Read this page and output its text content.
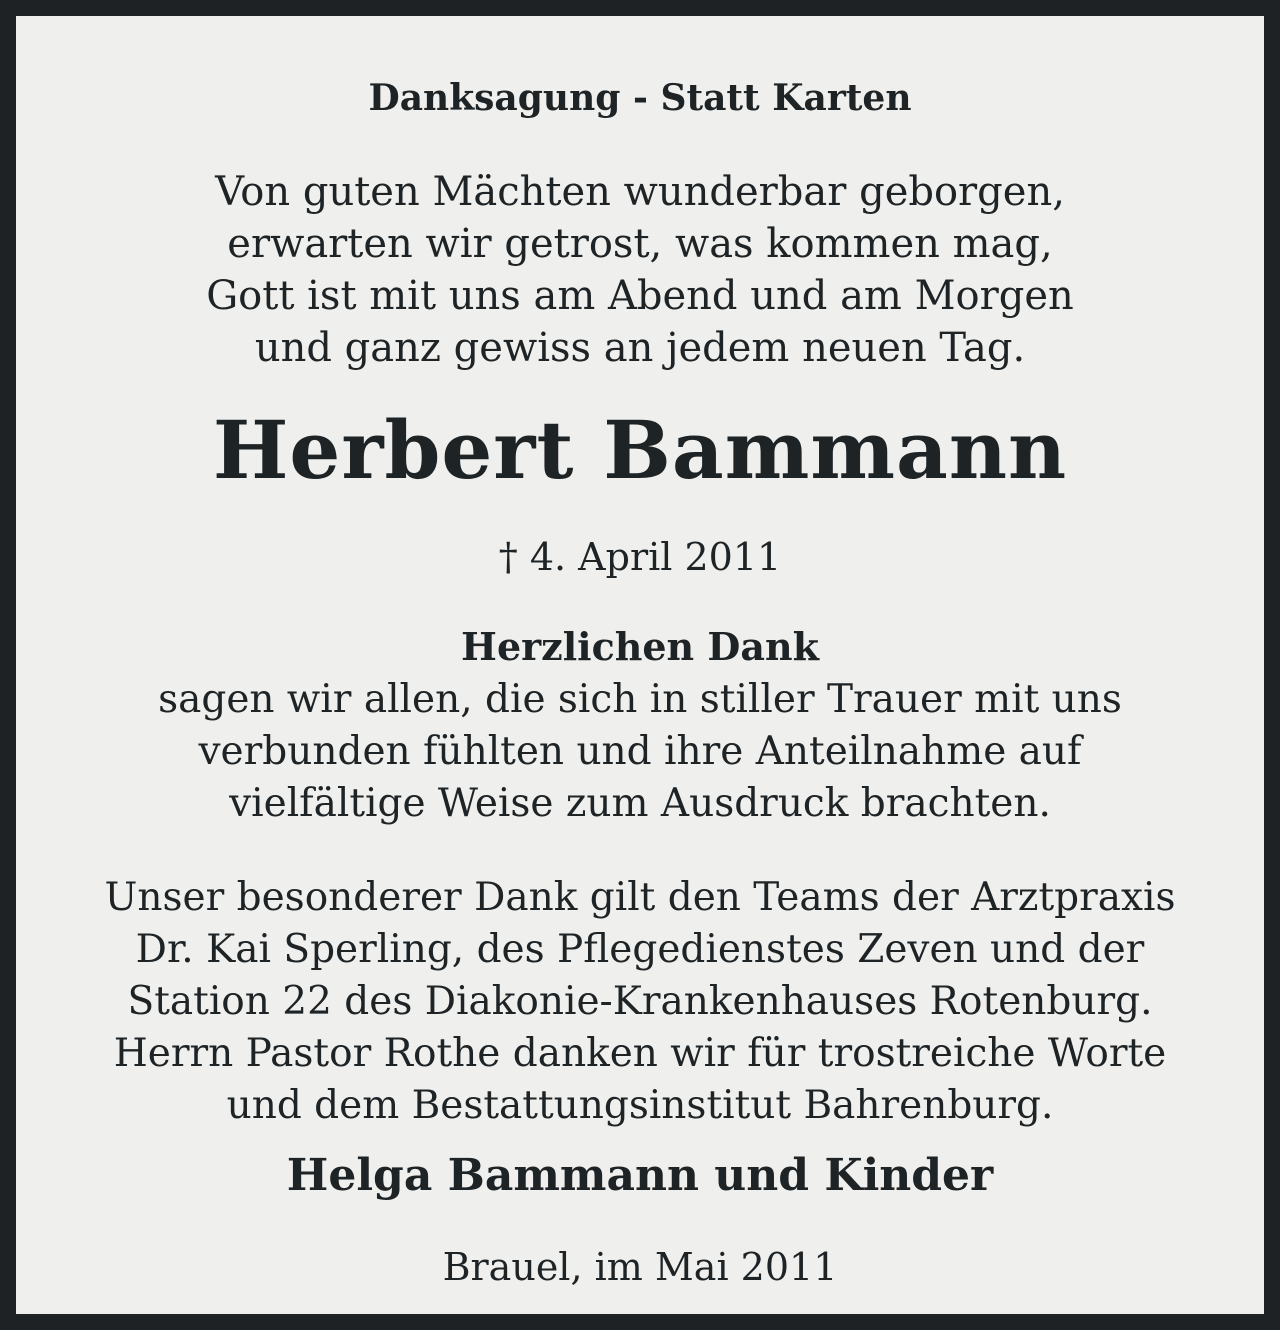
Danksagung - Statt Karten
Von guten Mächten wunderbar geborgen,
erwarten wir getrost, was kommen mag,
Gott ist mit uns am Abend und am Morgen
und ganz gewiss an jedem neuen Tag.
Herbert Bammann
† 4. April 2011
Herzlichen Dank
sagen wir allen, die sich in stiller Trauer mit uns
verbunden fühlten und ihre Anteilnahme auf
vielfältige Weise zum Ausdruck brachten.
Unser besonderer Dank gilt den Teams der Arztpraxis
Dr. Kai Sperling, des Pflegedienstes Zeven und der
Station 22 des Diakonie-Krankenhauses Rotenburg.
Herrn Pastor Rothe danken wir für trostreiche Worte
und dem Bestattungsinstitut Bahrenburg.
Helga Bammann und Kinder
Brauel, im Mai 2011
